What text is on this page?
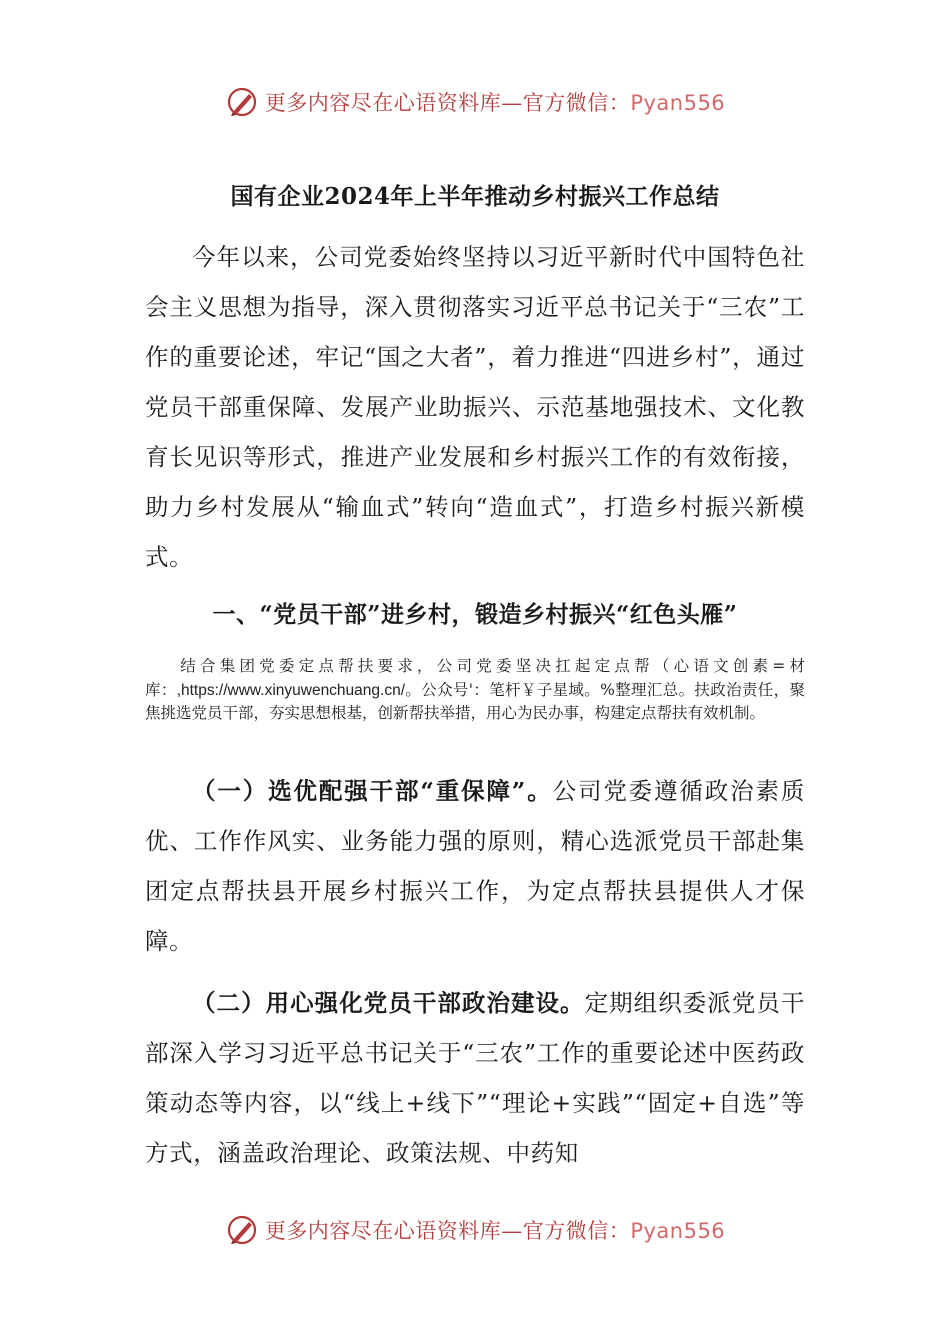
更多内容尽在心语资料库—官方微信：Pyan556
国有企业2024年上半年推动乡村振兴工作总结

今年以来，公司党委始终坚持以习近平新时代中国特色社会主义思想为指导，深入贯彻落实习近平总书记关于“三农”工作的重要论述，牢记“国之大者”，着力推进“四进乡村”，通过党员干部重保障、发展产业助振兴、示范基地强技术、文化教育长见识等形式，推进产业发展和乡村振兴工作的有效衔接，助力乡村发展从“输血式”转向“造血式”，打造乡村振兴新模式。

一、“党员干部”进乡村，锻造乡村振兴“红色头雁”

  结合集团党委定点帮扶要求，公司党委坚决扛起定点帮（心语文创素=材库：,https://www.xinyuwenchuang.cn/。公众号'：笔杆￥子星域。%整理汇总。扶政治责任，聚焦挑选党员干部，夯实思想根基，创新帮扶举措，用心为民办事，构建定点帮扶有效机制。

（一）选优配强干部“重保障”。公司党委遵循政治素质优、工作作风实、业务能力强的原则，精心选派党员干部赴集团定点帮扶县开展乡村振兴工作，为定点帮扶县提供人才保障。

（二）用心强化党员干部政治建设。定期组织委派党员干部深入学习习近平总书记关于“三农”工作的重要论述中医药政策动态等内容，以“线上+线下”“理论+实践”“固定+自选”等方式，涵盖政治理论、政策法规、中药知

更多内容尽在心语资料库—官方微信：Pyan556
